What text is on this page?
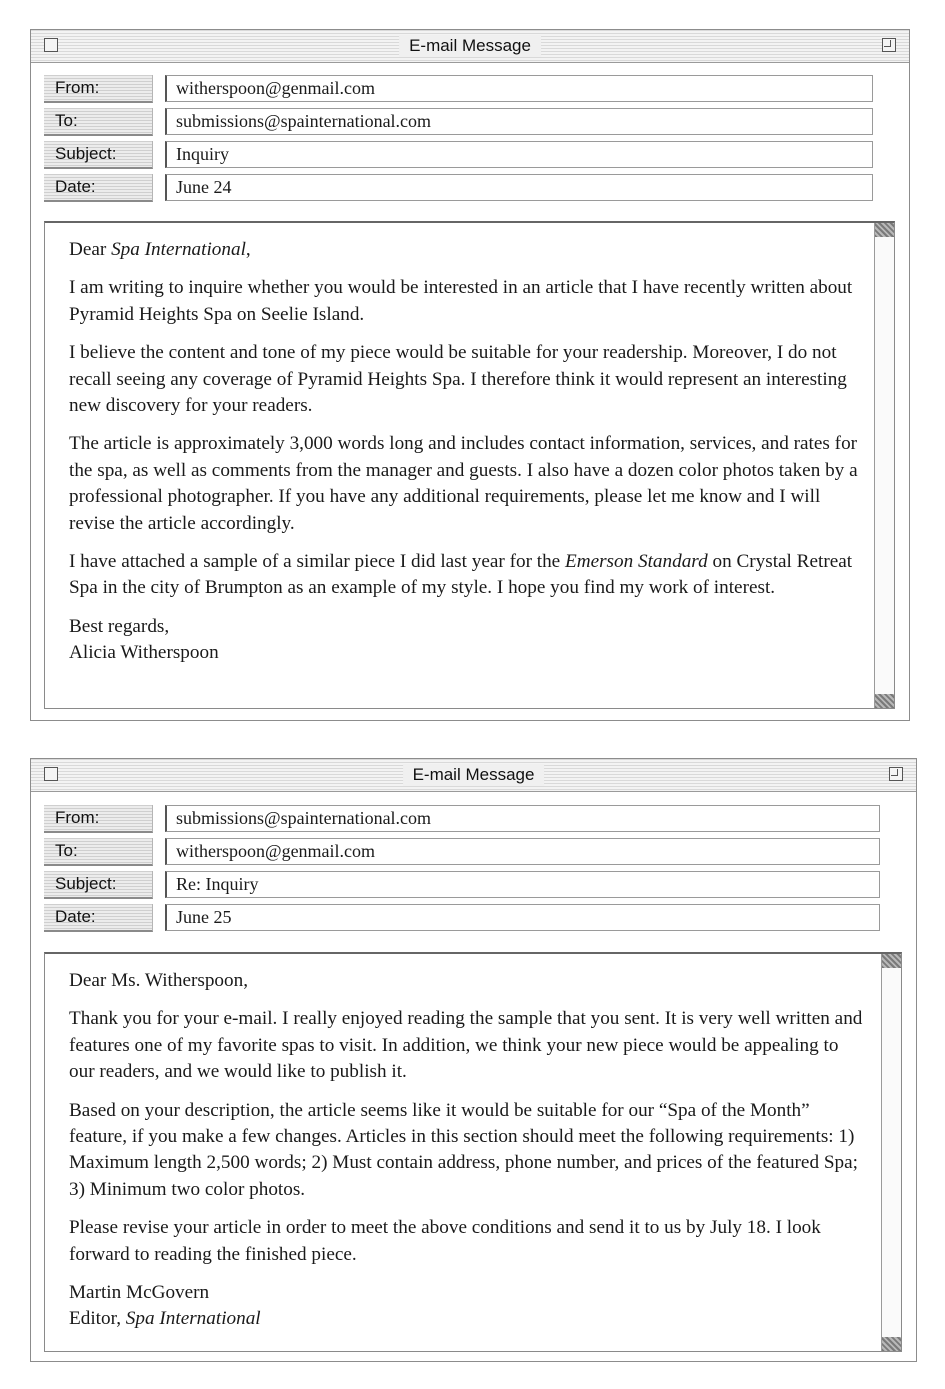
E-mail Message
From:	witherspoon@genmail.com
To:	submissions@spainternational.com
Subject:	Inquiry
Date:	June 24

Dear Spa International,

I am writing to inquire whether you would be interested in an article that I have recently written about Pyramid Heights Spa on Seelie Island.

I believe the content and tone of my piece would be suitable for your readership. Moreover, I do not recall seeing any coverage of Pyramid Heights Spa. I therefore think it would represent an interesting new discovery for your readers.

The article is approximately 3,000 words long and includes contact information, services, and rates for the spa, as well as comments from the manager and guests. I also have a dozen color photos taken by a professional photographer. If you have any additional requirements, please let me know and I will revise the article accordingly.

I have attached a sample of a similar piece I did last year for the Emerson Standard on Crystal Retreat Spa in the city of Brumpton as an example of my style. I hope you find my work of interest.

Best regards,

Alicia Witherspoon

E-mail Message
From:	submissions@spainternational.com
To:	witherspoon@genmail.com
Subject:	Re: Inquiry
Date:	June 25

Dear Ms. Witherspoon,

Thank you for your e-mail. I really enjoyed reading the sample that you sent. It is very well written and features one of my favorite spas to visit. In addition, we think your new piece would be appealing to our readers, and we would like to publish it.

Based on your description, the article seems like it would be suitable for our “Spa of the Month” feature, if you make a few changes. Articles in this section should meet the following requirements: 1) Maximum length 2,500 words; 2) Must contain address, phone number, and prices of the featured Spa; 3) Minimum two color photos.

Please revise your article in order to meet the above conditions and send it to us by July 18. I look forward to reading the finished piece.

Martin McGovern

Editor, Spa International
